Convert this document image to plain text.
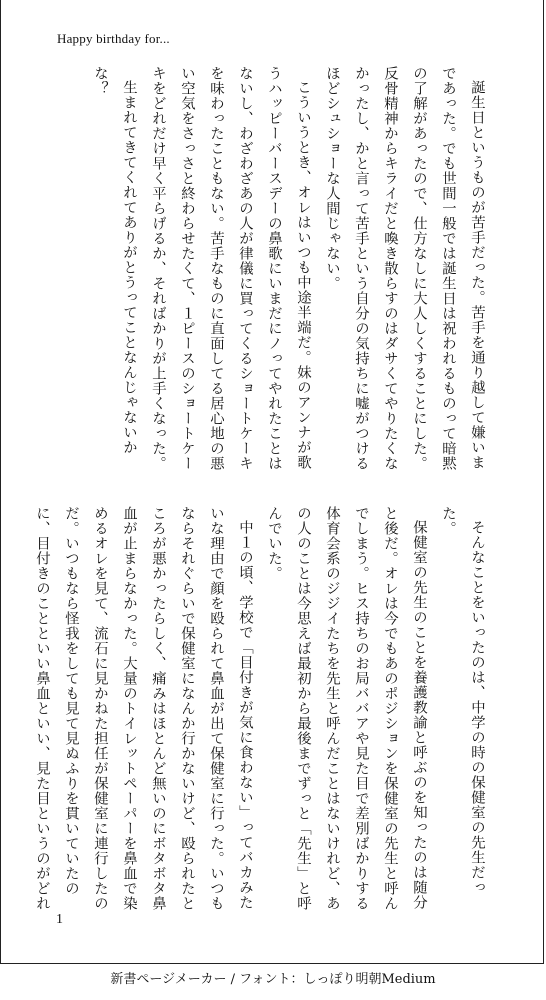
Happy birthday for...

誕生日というものが苦手だった。苦手を通り越して嫌いまであった。でも世間一般では誕生日は祝われるものって暗黙の了解があったので、仕方なしに大人しくすることにした。反骨精神からキライだと喚き散らすのはダサくてやりたくなかったし、かと言って苦手という自分の気持ちに嘘がつけるほどシュショーな人間じゃない。

こういうとき、オレはいつも中途半端だ。妹のアンナが歌うハッピーバースデーの鼻歌にいまだにノってやれたことはないし、わざわざあの人が律儀に買ってくるショートケーキを味わったこともない。苦手なものに直面してる居心地の悪い空気をさっさと終わらせたくて、１ピースのショートケーキをどれだけ早く平らげるか、そればかりが上手くなった。

生まれてきてくれてありがとうってことなんじゃないかな？

そんなことをいったのは、中学の時の保健室の先生だった。

保健室の先生のことを養護教諭と呼ぶのを知ったのは随分と後だ。オレは今でもあのポジションを保健室の先生と呼んでしまう。ヒス持ちのお局ババアや見た目で差別ばかりする体育会系のジジイたちを先生と呼んだことはないけれど、あの人のことは今思えば最初から最後までずっと「先生」と呼んでいた。

中１の頃、学校で「目付きが気に食わない」ってバカみたいな理由で顔を殴られて鼻血が出て保健室に行った。いつもならそれぐらいで保健室になんか行かないけど、殴られたところが悪かったらしく、痛みはほとんど無いのにボタボタ鼻血が止まらなかった。大量のトイレットペーパーを鼻血で染めるオレを見て、流石に見かねた担任が保健室に連行したのだ。いつもなら怪我をしても見て見ぬふりを貫いていたのに、目付きのことといい鼻血といい、見た目というのがどれ

1
新書ページメーカー / フォント：しっぽり明朝Medium
